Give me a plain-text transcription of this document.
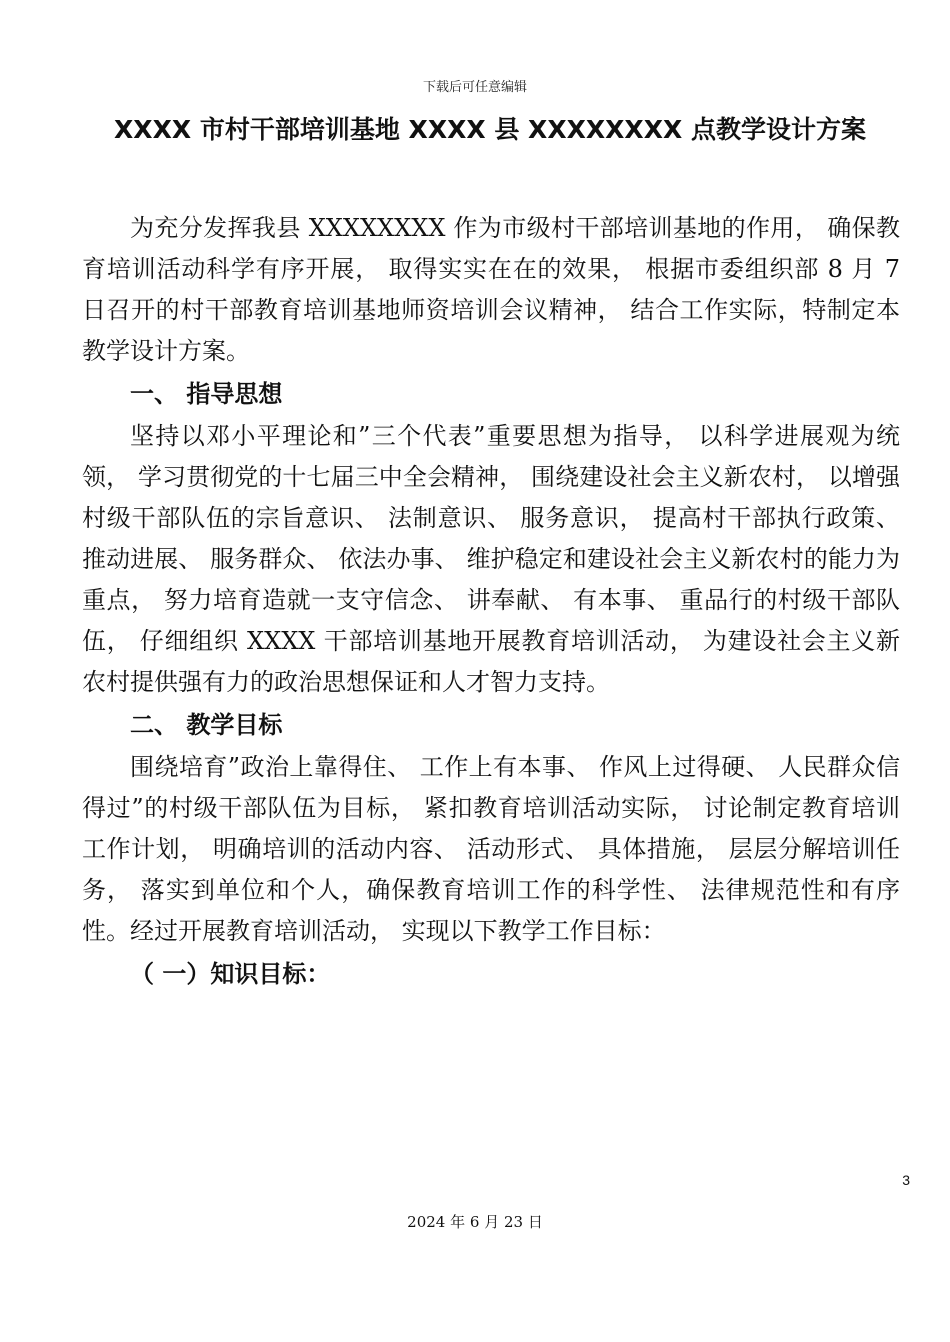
下载后可任意编辑
XXXX 市村干部培训基地 XXXX 县 XXXXXXXX 点教学设计方案

为充分发挥我县 XXXXXXXX 作为市级村干部培训基地的作用， 确保教育培训活动科学有序开展， 取得实实在在的效果， 根据市委组织部 8 月 7 日召开的村干部教育培训基地师资培训会议精神， 结合工作实际，特制定本教学设计方案。

一、 指导思想

坚持以邓小平理论和”三个代表”重要思想为指导， 以科学进展观为统领， 学习贯彻党的十七届三中全会精神， 围绕建设社会主义新农村， 以增强村级干部队伍的宗旨意识、 法制意识、 服务意识， 提高村干部执行政策、 推动进展、 服务群众、 依法办事、 维护稳定和建设社会主义新农村的能力为重点， 努力培育造就一支守信念、 讲奉献、 有本事、 重品行的村级干部队伍， 仔细组织 XXXX 干部培训基地开展教育培训活动， 为建设社会主义新农村提供强有力的政治思想保证和人才智力支持。

二、 教学目标

围绕培育”政治上靠得住、 工作上有本事、 作风上过得硬、 人民群众信得过”的村级干部队伍为目标， 紧扣教育培训活动实际， 讨论制定教育培训工作计划， 明确培训的活动内容、 活动形式、 具体措施， 层层分解培训任务， 落实到单位和个人，确保教育培训工作的科学性、 法律规范性和有序性。经过开展教育培训活动， 实现以下教学工作目标：

（ 一）知识目标：
3
2024 年 6 月 23 日
